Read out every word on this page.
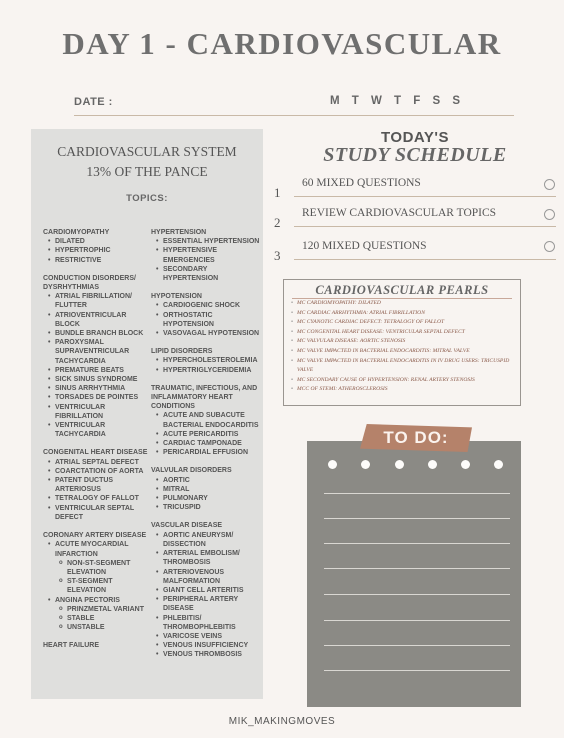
DAY 1 - CARDIOVASCULAR
DATE :	M T W T F S S
CARDIOVASCULAR SYSTEM
13% OF THE PANCE
TOPICS:
CARDIOMYOPATHY
• DILATED
• HYPERTROPHIC
• RESTRICTIVE
CONDUCTION DISORDERS/ DYSRHYTHMIAS
• ATRIAL FIBRILLATION/ FLUTTER
• ATRIOVENTRICULAR BLOCK
• BUNDLE BRANCH BLOCK
• PAROXYSMAL SUPRAVENTRICULAR TACHYCARDIA
• PREMATURE BEATS
• SICK SINUS SYNDROME
• SINUS ARRHYTHMIA
• TORSADES DE POINTES
• VENTRICULAR FIBRILLATION
• VENTRICULAR TACHYCARDIA
CONGENITAL HEART DISEASE
• ATRIAL SEPTAL DEFECT
• COARCTATION OF AORTA
• PATENT DUCTUS ARTERIOSUS
• TETRALOGY OF FALLOT
• VENTRICULAR SEPTAL DEFECT
CORONARY ARTERY DISEASE
• ACUTE MYOCARDIAL INFARCTION
o NON-ST-SEGMENT ELEVATION
o ST-SEGMENT ELEVATION
• ANGINA PECTORIS
o PRINZMETAL VARIANT
o STABLE
o UNSTABLE
HEART FAILURE
HYPERTENSION
• ESSENTIAL HYPERTENSION
• HYPERTENSIVE EMERGENCIES
• SECONDARY HYPERTENSION
HYPOTENSION
• CARDIOGENIC SHOCK
• ORTHOSTATIC HYPOTENSION
• VASOVAGAL HYPOTENSION
LIPID DISORDERS
• HYPERCHOLESTEROLEMIA
• HYPERTRIGLYCERIDEMIA
TRAUMATIC, INFECTIOUS, AND INFLAMMATORY HEART CONDITIONS
• ACUTE AND SUBACUTE BACTERIAL ENDOCARDITIS
• ACUTE PERICARDITIS
• CARDIAC TAMPONADE
• PERICARDIAL EFFUSION
VALVULAR DISORDERS
• AORTIC
• MITRAL
• PULMONARY
• TRICUSPID
VASCULAR DISEASE
• AORTIC ANEURYSM/ DISSECTION
• ARTERIAL EMBOLISM/ THROMBOSIS
• ARTERIOVENOUS MALFORMATION
• GIANT CELL ARTERITIS
• PERIPHERAL ARTERY DISEASE
• PHLEBITIS/ THROMBOPHLEBITIS
• VARICOSE VEINS
• VENOUS INSUFFICIENCY
• VENOUS THROMBOSIS
TODAY'S
STUDY SCHEDULE
1
60 MIXED QUESTIONS
2
REVIEW CARDIOVASCULAR TOPICS
3
120 MIXED QUESTIONS
CARDIOVASCULAR PEARLS
• MC CARDIOMYOPATHY: DILATED
• MC CARDIAC ARRHYTHMIA: ATRIAL FIBRILLATION
• MC CYANOTIC CARDIAC DEFECT: TETRALOGY OF FALLOT
• MC CONGENITAL HEART DISEASE: VENTRICULAR SEPTAL DEFECT
• MC VALVULAR DISEASE: AORTIC STENOSIS
• MC VALVE IMPACTED IN BACTERIAL ENDOCARDITIS: MITRAL VALVE
• MC VALVE IMPACTED IN BACTERIAL ENDOCARDITIS IN IV DRUG USERS: TRICUSPID VALVE
• MC SECONDARY CAUSE OF HYPERTENSION: RENAL ARTERY STENOSIS
• MCC OF STEMI: ATHEROSCLEROSIS
TO DO:
MIK_MAKINGMOVES
